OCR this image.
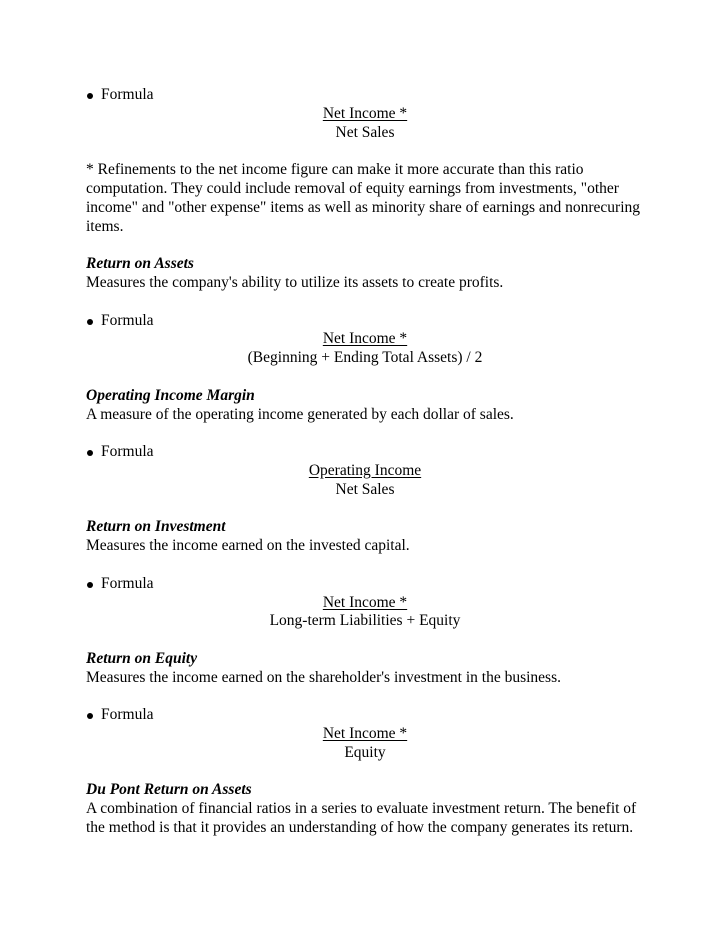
Formula
Net Income *
Net Sales
* Refinements to the net income figure can make it more accurate than this ratio computation. They could include removal of equity earnings from investments, "other income" and "other expense" items as well as minority share of earnings and nonrecuring items.
Return on Assets
Measures the company's ability to utilize its assets to create profits.
Formula
Net Income *
(Beginning + Ending Total Assets) / 2
Operating Income Margin
A measure of the operating income generated by each dollar of sales.
Formula
Operating Income
Net Sales
Return on Investment
Measures the income earned on the invested capital.
Formula
Net Income *
Long-term Liabilities + Equity
Return on Equity
Measures the income earned on the shareholder's investment in the business.
Formula
Net Income *
Equity
Du Pont Return on Assets
A combination of financial ratios in a series to evaluate investment return. The benefit of the method is that it provides an understanding of how the company generates its return.
